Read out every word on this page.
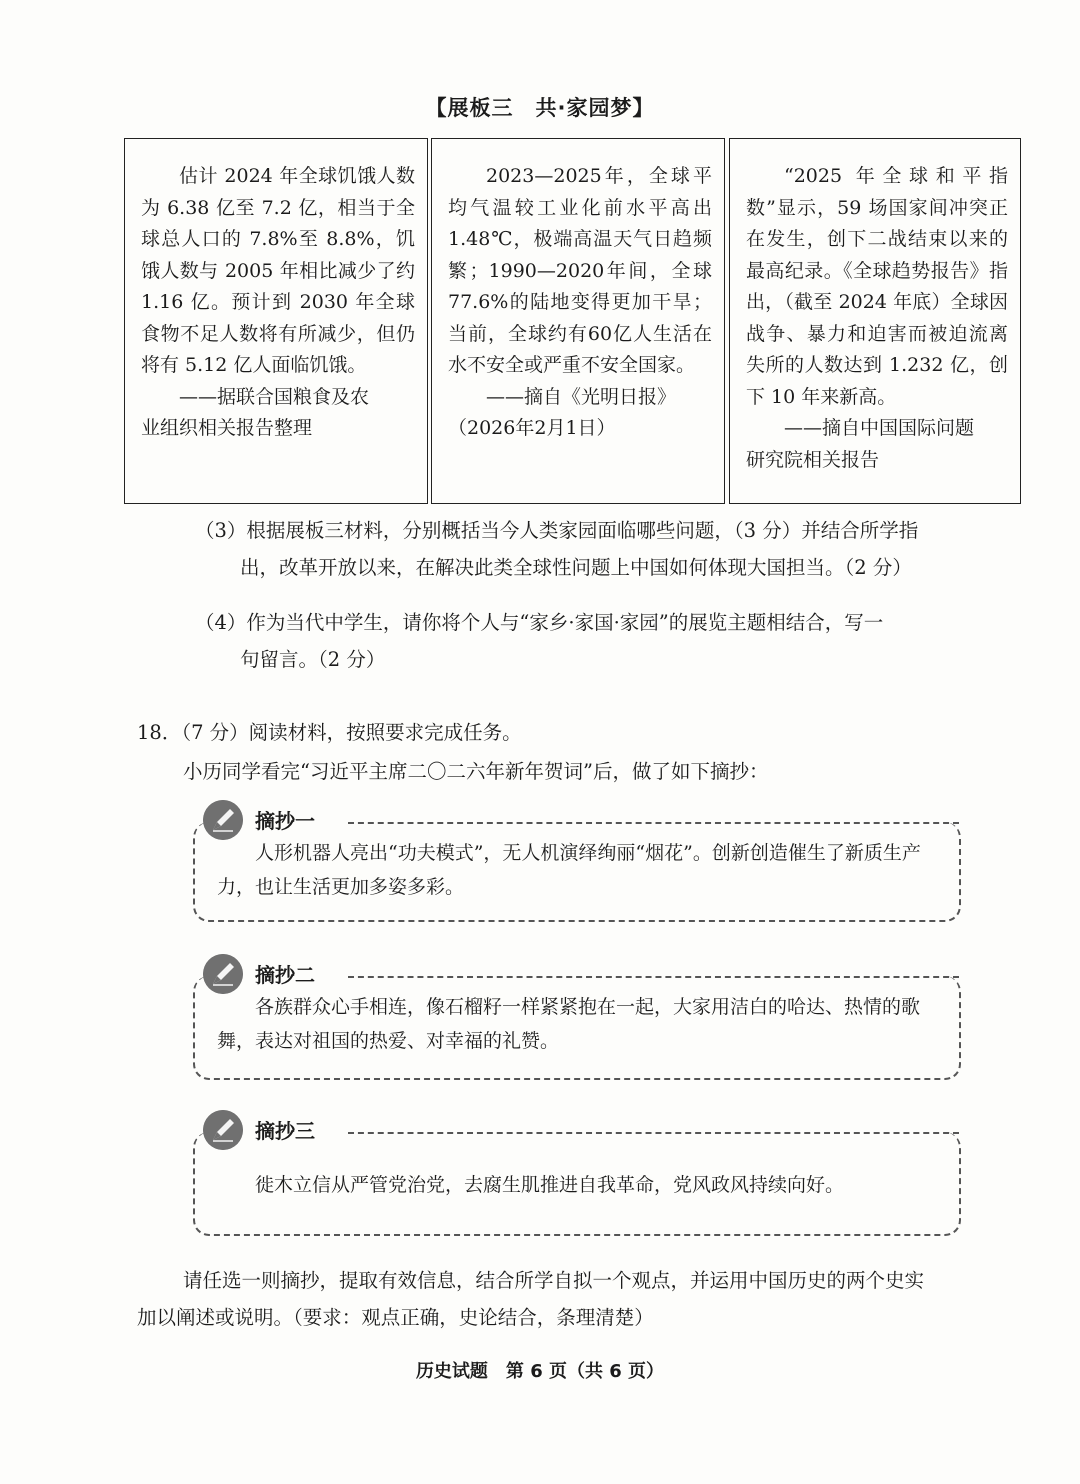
【展板三　共·家园梦】

估计 2024 年全球饥饿人数为 6.38 亿至 7.2 亿，相当于全球总人口的 7.8%至 8.8%，饥饿人数与 2005 年相比减少了约 1.16 亿。预计到 2030 年全球食物不足人数将有所减少，但仍将有 5.12 亿人面临饥饿。

——据联合国粮食及农

业组织相关报告整理

2023—2025年，全球平均气温较工业化前水平高出1.48℃，极端高温天气日趋频繁；1990—2020年间，全球77.6%的陆地变得更加干旱；当前，全球约有60亿人生活在水不安全或严重不安全国家。

——摘自《光明日报》

（2026年2月1日）

“2025 年全球和平指数”显示，59 场国家间冲突正在发生，创下二战结束以来的最高纪录。《全球趋势报告》指出，（截至 2024 年底）全球因战争、暴力和迫害而被迫流离失所的人数达到 1.232 亿，创下 10 年来新高。

——摘自中国国际问题

研究院相关报告

（3）根据展板三材料，分别概括当今人类家园面临哪些问题，（3 分）并结合所学指
出，改革开放以来，在解决此类全球性问题上中国如何体现大国担当。（2 分）
（4）作为当代中学生，请你将个人与“家乡·家国·家园”的展览主题相结合，写一
句留言。（2 分）
18．（7 分）阅读材料，按照要求完成任务。
小历同学看完“习近平主席二〇二六年新年贺词”后，做了如下摘抄：
摘抄一

人形机器人亮出“功夫模式”，无人机演绎绚丽“烟花”。创新创造催生了新质生产力，也让生活更加多姿多彩。

摘抄二

各族群众心手相连，像石榴籽一样紧紧抱在一起，大家用洁白的哈达、热情的歌舞，表达对祖国的热爱、对幸福的礼赞。

摘抄三

徙木立信从严管党治党，去腐生肌推进自我革命，党风政风持续向好。

请任选一则摘抄，提取有效信息，结合所学自拟一个观点，并运用中国历史的两个史实
加以阐述或说明。（要求：观点正确，史论结合，条理清楚）
历史试题　第 6 页（共 6 页）
